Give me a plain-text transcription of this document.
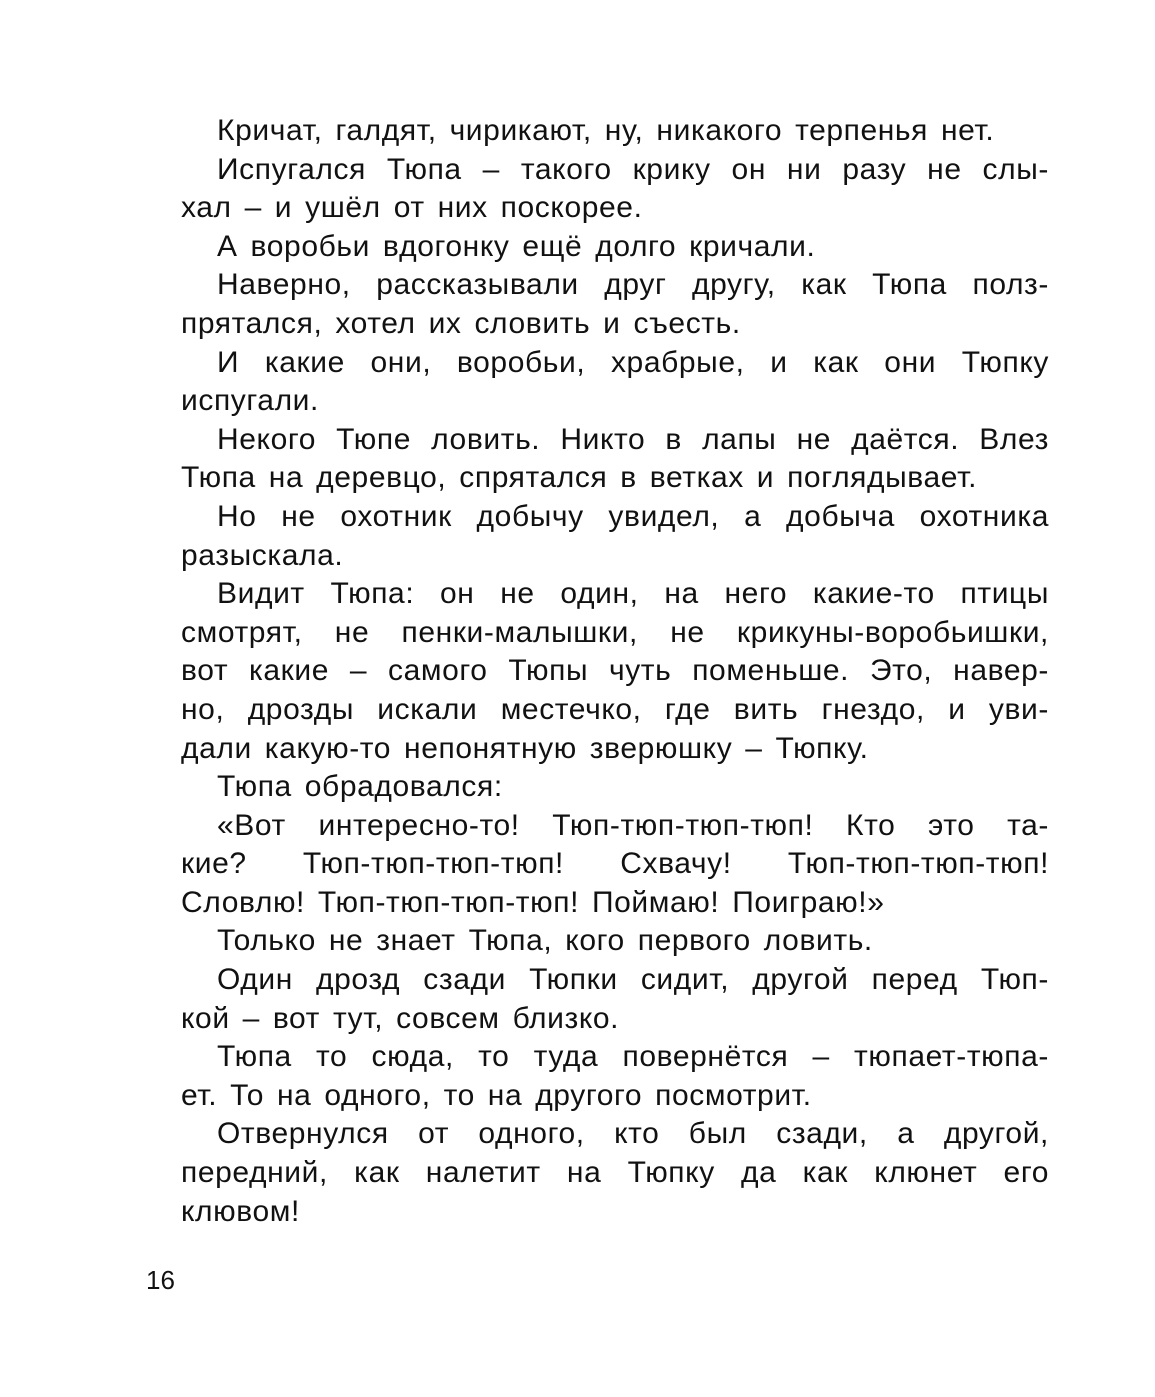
Кричат, галдят, чирикают, ну, никакого терпенья нет.
Испугался Тюпа – такого крику он ни разу не слы-
хал – и ушёл от них поскорее.
А воробьи вдогонку ещё долго кричали.
Наверно, рассказывали друг другу, как Тюпа полз-
прятался, хотел их словить и съесть.
И какие они, воробьи, храбрые, и как они Тюпку
испугали.
Некого Тюпе ловить. Никто в лапы не даётся. Влез
Тюпа на деревцо, спрятался в ветках и поглядывает.
Но не охотник добычу увидел, а добыча охотника
разыскала.
Видит Тюпа: он не один, на него какие-то птицы
смотрят, не пенки-малышки, не крикуны-воробьишки,
вот какие – самого Тюпы чуть поменьше. Это, навер-
но, дрозды искали местечко, где вить гнездо, и уви-
дали какую-то непонятную зверюшку – Тюпку.
Тюпа обрадовался:
«Вот интересно-то! Тюп-тюп-тюп-тюп! Кто это та-
кие? Тюп-тюп-тюп-тюп! Схвачу! Тюп-тюп-тюп-тюп!
Словлю! Тюп-тюп-тюп-тюп! Поймаю! Поиграю!»
Только не знает Тюпа, кого первого ловить.
Один дрозд сзади Тюпки сидит, другой перед Тюп-
кой – вот тут, совсем близко.
Тюпа то сюда, то туда повернётся – тюпает-тюпа-
ет. То на одного, то на другого посмотрит.
Отвернулся от одного, кто был сзади, а другой,
передний, как налетит на Тюпку да как клюнет его
клювом!
16
